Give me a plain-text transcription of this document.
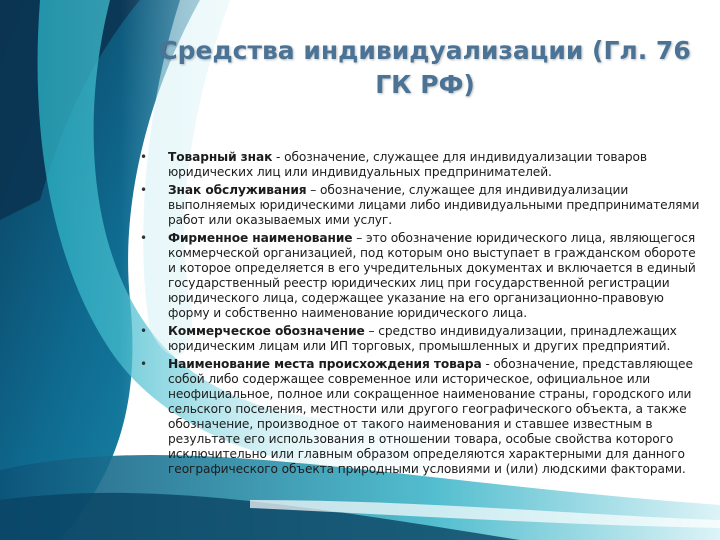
Средства индивидуализации (Гл. 76 ГК РФ)
• Товарный знак - обозначение, служащее для индивидуализации товаров юридических лиц или индивидуальных предпринимателей.
• Знак обслуживания – обозначение, служащее для индивидуализации выполняемых юридическими лицами либо индивидуальными предпринимателями работ или оказываемых ими услуг.
• Фирменное наименование – это обозначение юридического лица, являющегося коммерческой организацией, под которым оно выступает в гражданском обороте и которое определяется в его учредительных документах и включается в единый государственный реестр юридических лиц при государственной регистрации юридического лица, содержащее указание на его организационно-правовую форму и собственно наименование юридического лица.
• Коммерческое обозначение – средство индивидуализации, принадлежащих юридическим лицам или ИП торговых, промышленных и других предприятий.
• Наименование места происхождения товара - обозначение, представляющее собой либо содержащее современное или историческое, официальное или неофициальное, полное или сокращенное наименование страны, городского или сельского поселения, местности или другого географического объекта, а также обозначение, производное от такого наименования и ставшее известным в результате его использования в отношении товара, особые свойства которого исключительно или главным образом определяются характерными для данного географического объекта природными условиями и (или) людскими факторами.
